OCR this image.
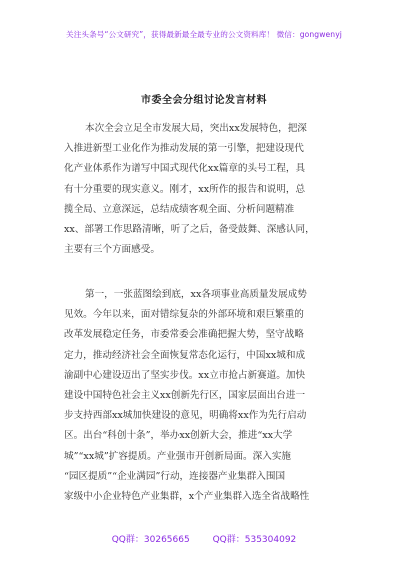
关注头条号“公文研究”，获得最新最全最专业的公文资料库！ 微信：gongwenyj
市委全会分组讨论发言材料
本次全会立足全市发展大局，突出xx发展特色，把深
入推进新型工业化作为推动发展的第一引擎，把建设现代
化产业体系作为谱写中国式现代化xx篇章的头号工程，具
有十分重要的现实意义。刚才，xx所作的报告和说明，总
揽全局、立意深远，总结成绩客观全面、分析问题精准
xx、部署工作思路清晰，听了之后，备受鼓舞、深感认同，
主要有三个方面感受。
第一，一张蓝图绘到底，xx各项事业高质量发展成势
见效。今年以来，面对错综复杂的外部环境和艰巨繁重的
改革发展稳定任务，市委常委会准确把握大势，坚守战略
定力，推动经济社会全面恢复常态化运行，中国xx城和成
渝副中心建设迈出了坚实步伐。xx立市抢占新赛道。加快
建设中国特色社会主义xx创新先行区，国家层面出台进一
步支持西部xx城加快建设的意见，明确将xx作为先行启动
区。出台“科创十条”，举办xx创新大会，推进“xx大学
城”“xx城”扩容提质。产业强市开创新局面。深入实施
“园区提质”“企业满园”行动，连接器产业集群入围国
家级中小企业特色产业集群，x个产业集群入选全省战略性
QQ群：30265665	QQ群：535304092
